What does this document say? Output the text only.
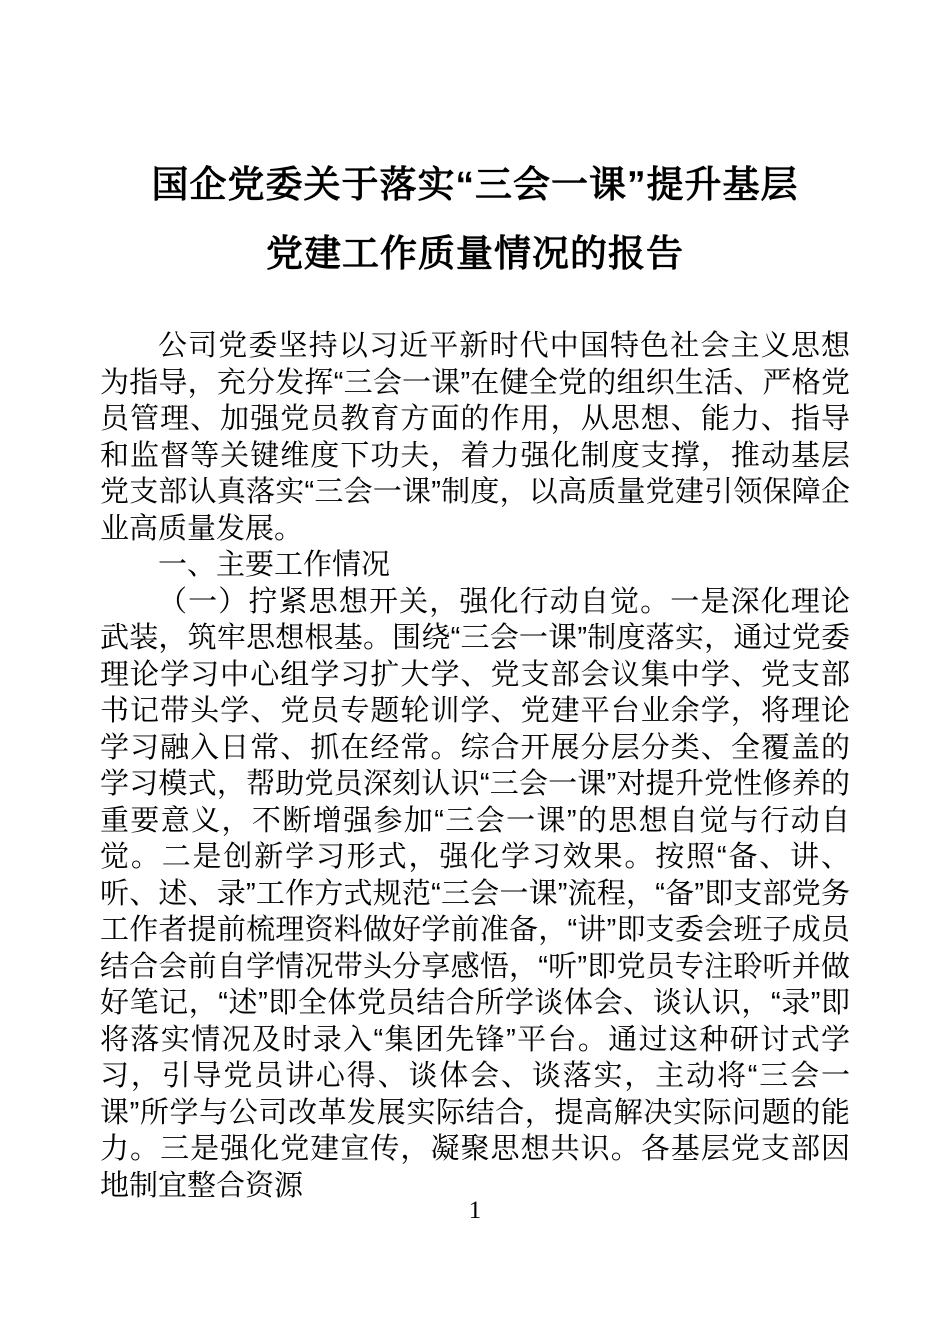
国企党委关于落实“三会一课”提升基层
党建工作质量情况的报告

公司党委坚持以习近平新时代中国特色社会主义思想为指导，充分发挥“三会一课”在健全党的组织生活、严格党员管理、加强党员教育方面的作用，从思想、能力、指导和监督等关键维度下功夫，着力强化制度支撑，推动基层党支部认真落实“三会一课”制度，以高质量党建引领保障企业高质量发展。

一、主要工作情况

（一）拧紧思想开关，强化行动自觉。一是深化理论武装，筑牢思想根基。围绕“三会一课”制度落实，通过党委理论学习中心组学习扩大学、党支部会议集中学、党支部书记带头学、党员专题轮训学、党建平台业余学，将理论学习融入日常、抓在经常。综合开展分层分类、全覆盖的学习模式，帮助党员深刻认识“三会一课”对提升党性修养的重要意义，不断增强参加“三会一课”的思想自觉与行动自觉。二是创新学习形式，强化学习效果。按照“备、讲、听、述、录”工作方式规范“三会一课”流程，“备”即支部党务工作者提前梳理资料做好学前准备，“讲”即支委会班子成员结合会前自学情况带头分享感悟，“听”即党员专注聆听并做好笔记，“述”即全体党员结合所学谈体会、谈认识，“录”即将落实情况及时录入“集团先锋”平台。通过这种研讨式学习，引导党员讲心得、谈体会、谈落实，主动将“三会一课”所学与公司改革发展实际结合，提高解决实际问题的能力。三是强化党建宣传，凝聚思想共识。各基层党支部因地制宜整合资源

1
